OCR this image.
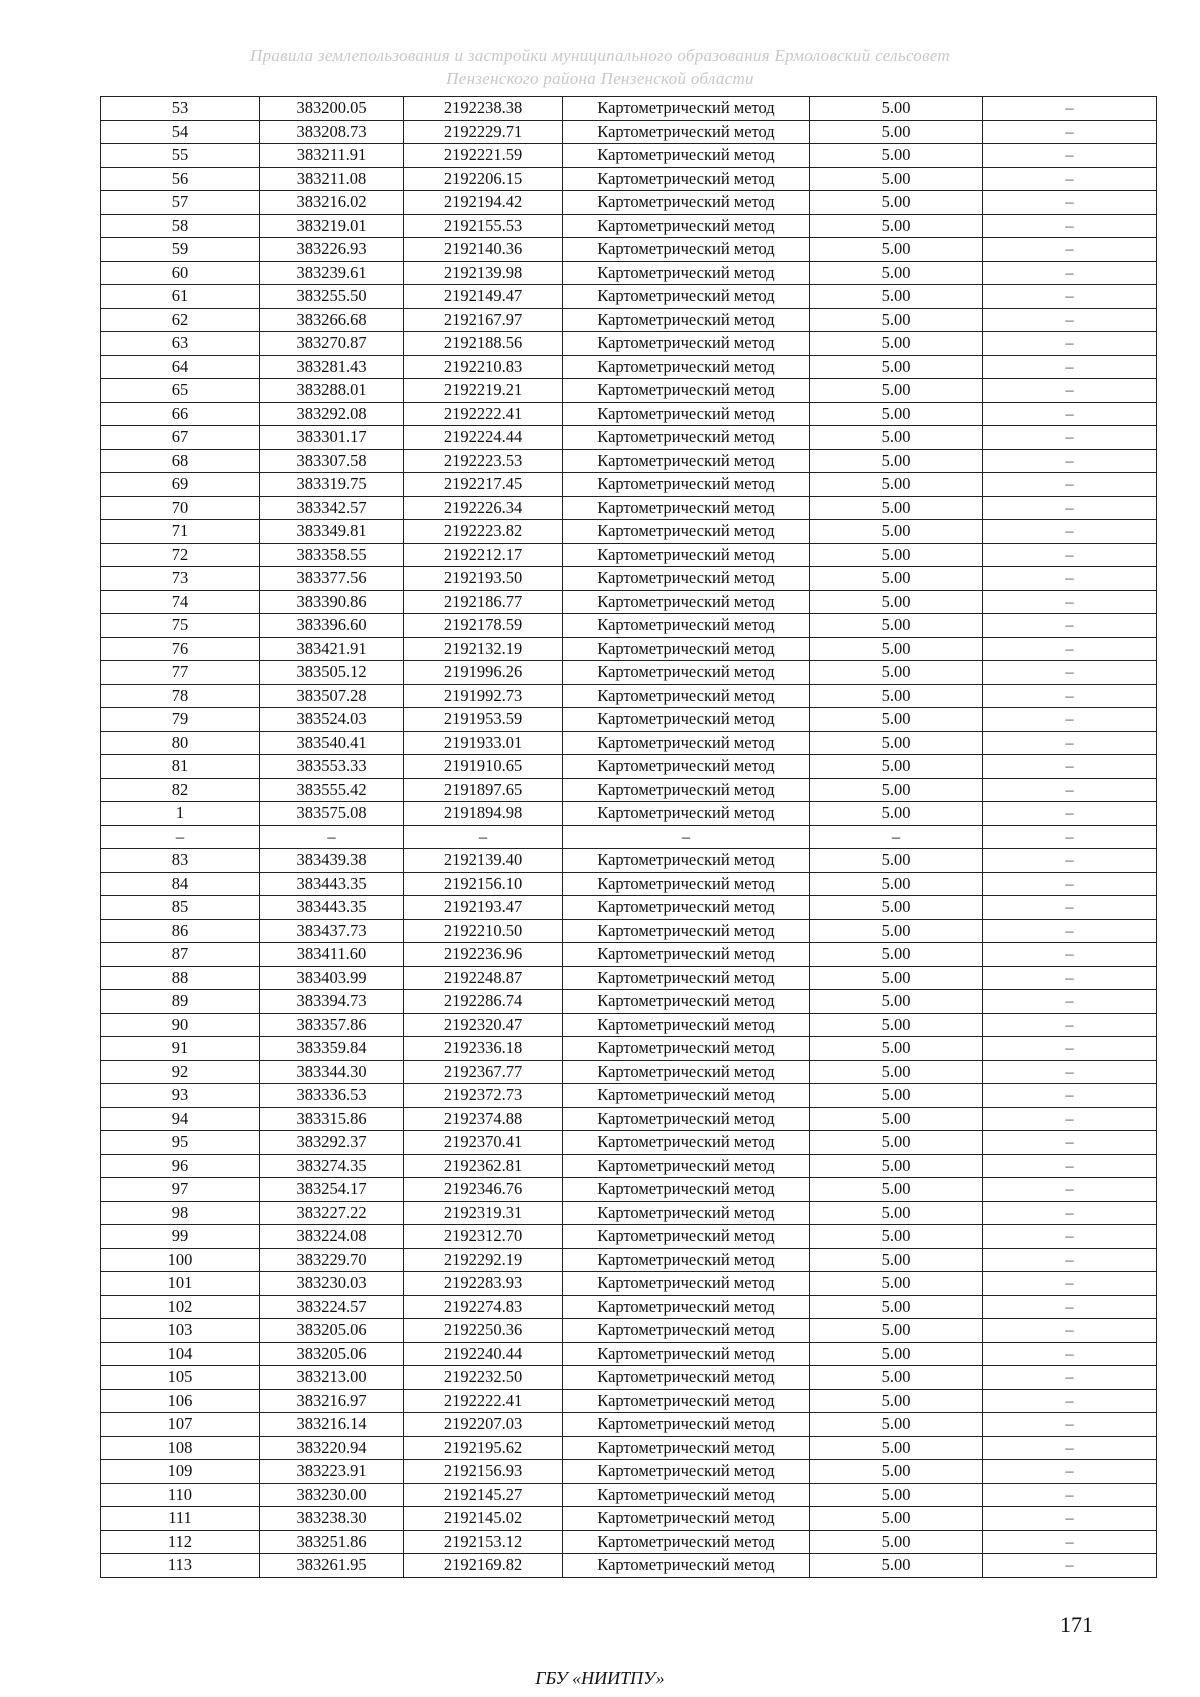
Правила землепользования и застройки муниципального образования Ермоловский сельсовет
Пензенского района Пензенской области
53	383200.05	2192238.38	Картометрический метод	5.00	–
54	383208.73	2192229.71	Картометрический метод	5.00	–
55	383211.91	2192221.59	Картометрический метод	5.00	–
56	383211.08	2192206.15	Картометрический метод	5.00	–
57	383216.02	2192194.42	Картометрический метод	5.00	–
58	383219.01	2192155.53	Картометрический метод	5.00	–
59	383226.93	2192140.36	Картометрический метод	5.00	–
60	383239.61	2192139.98	Картометрический метод	5.00	–
61	383255.50	2192149.47	Картометрический метод	5.00	–
62	383266.68	2192167.97	Картометрический метод	5.00	–
63	383270.87	2192188.56	Картометрический метод	5.00	–
64	383281.43	2192210.83	Картометрический метод	5.00	–
65	383288.01	2192219.21	Картометрический метод	5.00	–
66	383292.08	2192222.41	Картометрический метод	5.00	–
67	383301.17	2192224.44	Картометрический метод	5.00	–
68	383307.58	2192223.53	Картометрический метод	5.00	–
69	383319.75	2192217.45	Картометрический метод	5.00	–
70	383342.57	2192226.34	Картометрический метод	5.00	–
71	383349.81	2192223.82	Картометрический метод	5.00	–
72	383358.55	2192212.17	Картометрический метод	5.00	–
73	383377.56	2192193.50	Картометрический метод	5.00	–
74	383390.86	2192186.77	Картометрический метод	5.00	–
75	383396.60	2192178.59	Картометрический метод	5.00	–
76	383421.91	2192132.19	Картометрический метод	5.00	–
77	383505.12	2191996.26	Картометрический метод	5.00	–
78	383507.28	2191992.73	Картометрический метод	5.00	–
79	383524.03	2191953.59	Картометрический метод	5.00	–
80	383540.41	2191933.01	Картометрический метод	5.00	–
81	383553.33	2191910.65	Картометрический метод	5.00	–
82	383555.42	2191897.65	Картометрический метод	5.00	–
1	383575.08	2191894.98	Картометрический метод	5.00	–
–	–	–	–	–	–
83	383439.38	2192139.40	Картометрический метод	5.00	–
84	383443.35	2192156.10	Картометрический метод	5.00	–
85	383443.35	2192193.47	Картометрический метод	5.00	–
86	383437.73	2192210.50	Картометрический метод	5.00	–
87	383411.60	2192236.96	Картометрический метод	5.00	–
88	383403.99	2192248.87	Картометрический метод	5.00	–
89	383394.73	2192286.74	Картометрический метод	5.00	–
90	383357.86	2192320.47	Картометрический метод	5.00	–
91	383359.84	2192336.18	Картометрический метод	5.00	–
92	383344.30	2192367.77	Картометрический метод	5.00	–
93	383336.53	2192372.73	Картометрический метод	5.00	–
94	383315.86	2192374.88	Картометрический метод	5.00	–
95	383292.37	2192370.41	Картометрический метод	5.00	–
96	383274.35	2192362.81	Картометрический метод	5.00	–
97	383254.17	2192346.76	Картометрический метод	5.00	–
98	383227.22	2192319.31	Картометрический метод	5.00	–
99	383224.08	2192312.70	Картометрический метод	5.00	–
100	383229.70	2192292.19	Картометрический метод	5.00	–
101	383230.03	2192283.93	Картометрический метод	5.00	–
102	383224.57	2192274.83	Картометрический метод	5.00	–
103	383205.06	2192250.36	Картометрический метод	5.00	–
104	383205.06	2192240.44	Картометрический метод	5.00	–
105	383213.00	2192232.50	Картометрический метод	5.00	–
106	383216.97	2192222.41	Картометрический метод	5.00	–
107	383216.14	2192207.03	Картометрический метод	5.00	–
108	383220.94	2192195.62	Картометрический метод	5.00	–
109	383223.91	2192156.93	Картометрический метод	5.00	–
110	383230.00	2192145.27	Картометрический метод	5.00	–
111	383238.30	2192145.02	Картометрический метод	5.00	–
112	383251.86	2192153.12	Картометрический метод	5.00	–
113	383261.95	2192169.82	Картометрический метод	5.00	–
171
ГБУ «НИИТПУ»
